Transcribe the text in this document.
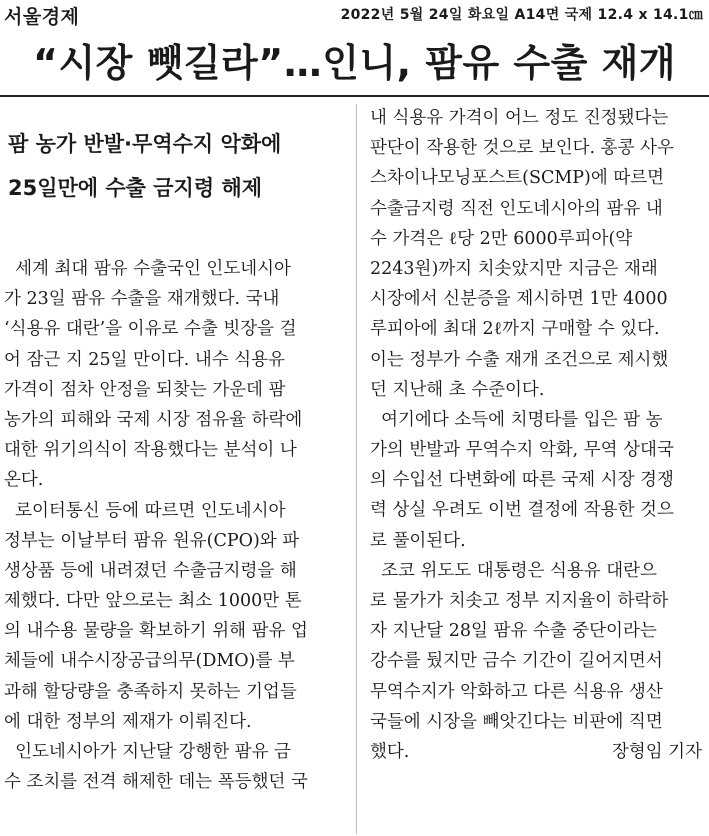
서울경제	2022년 5월 24일 화요일 A14면 국제 12.4 x 14.1㎝
“시장 뺏길라”…인니, 팜유 수출 재개
팜 농가 반발·무역수지 악화에
25일만에 수출 금지령 해제
세계 최대 팜유 수출국인 인도네시아
가 23일 팜유 수출을 재개했다. 국내
‘식용유 대란’을 이유로 수출 빗장을 걸
어 잠근 지 25일 만이다. 내수 식용유
가격이 점차 안정을 되찾는 가운데 팜
농가의 피해와 국제 시장 점유율 하락에
대한 위기의식이 작용했다는 분석이 나
온다.
로이터통신 등에 따르면 인도네시아
정부는 이날부터 팜유 원유(CPO)와 파
생상품 등에 내려졌던 수출금지령을 해
제했다. 다만 앞으로는 최소 1000만 톤
의 내수용 물량을 확보하기 위해 팜유 업
체들에 내수시장공급의무(DMO)를 부
과해 할당량을 충족하지 못하는 기업들
에 대한 정부의 제재가 이뤄진다.
인도네시아가 지난달 강행한 팜유 금
수 조치를 전격 해제한 데는 폭등했던 국
내 식용유 가격이 어느 정도 진정됐다는
판단이 작용한 것으로 보인다. 홍콩 사우
스차이나모닝포스트(SCMP)에 따르면
수출금지령 직전 인도네시아의 팜유 내
수 가격은 ℓ당 2만 6000루피아(약
2243원)까지 치솟았지만 지금은 재래
시장에서 신분증을 제시하면 1만 4000
루피아에 최대 2ℓ까지 구매할 수 있다.
이는 정부가 수출 재개 조건으로 제시했
던 지난해 초 수준이다.
여기에다 소득에 치명타를 입은 팜 농
가의 반발과 무역수지 악화, 무역 상대국
의 수입선 다변화에 따른 국제 시장 경쟁
력 상실 우려도 이번 결정에 작용한 것으
로 풀이된다.
조코 위도도 대통령은 식용유 대란으
로 물가가 치솟고 정부 지지율이 하락하
자 지난달 28일 팜유 수출 중단이라는
강수를 뒀지만 금수 기간이 길어지면서
무역수지가 악화하고 다른 식용유 생산
국들에 시장을 빼앗긴다는 비판에 직면
장형임 기자
했다.
